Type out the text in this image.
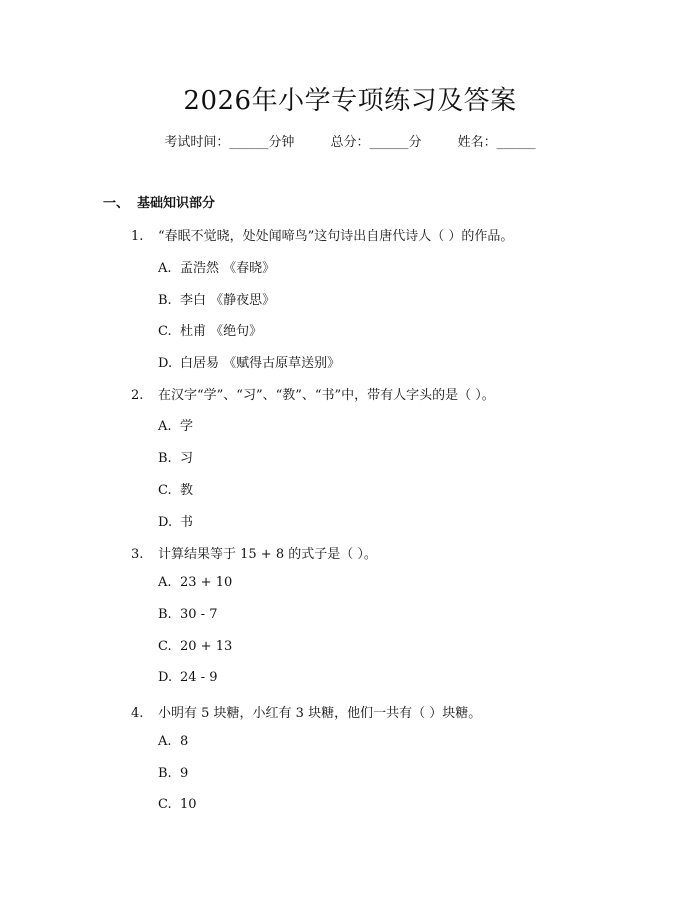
2026年小学专项练习及答案
考试时间：______分钟	总分：______分	姓名：______
一、 基础知识部分
1. “春眠不觉晓，处处闻啼鸟”这句诗出自唐代诗人（ ）的作品。
A. 孟浩然 《春晓》
B. 李白 《静夜思》
C. 杜甫 《绝句》
D. 白居易 《赋得古原草送别》
2. 在汉字“学”、“习”、“教”、“书”中，带有人字头的是（ ）。
A. 学
B. 习
C. 教
D. 书
3. 计算结果等于 15 + 8 的式子是（ ）。
A. 23 + 10
B. 30 - 7
C. 20 + 13
D. 24 - 9
4. 小明有 5 块糖，小红有 3 块糖，他们一共有（ ）块糖。
A. 8
B. 9
C. 10
